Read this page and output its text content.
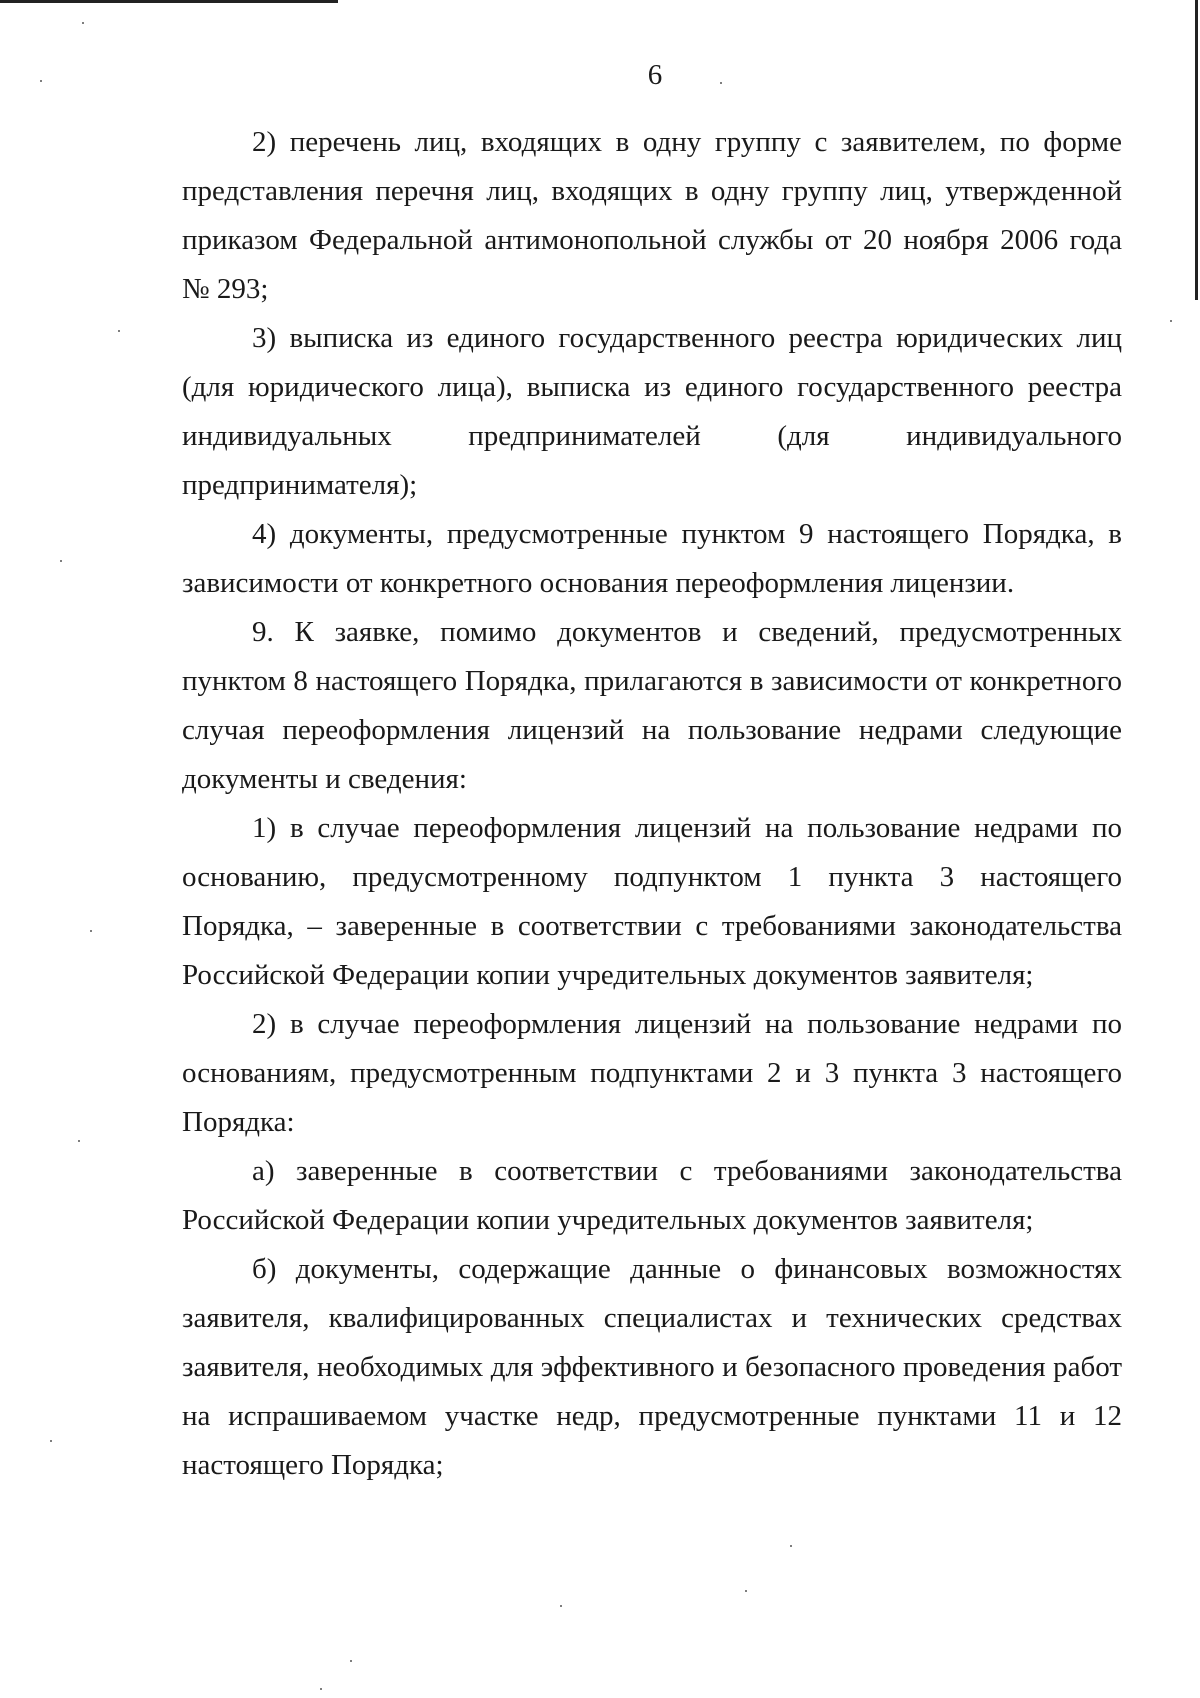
6

2) перечень лиц, входящих в одну группу с заявителем, по форме представления перечня лиц, входящих в одну группу лиц, утвержденной приказом Федеральной антимонопольной службы от 20 ноября 2006 года № 293;

3) выписка из единого государственного реестра юридических лиц (для юридического лица), выписка из единого государственного реестра индивидуальных предпринимателей (для индивидуального предпринимателя);

4) документы, предусмотренные пунктом 9 настоящего Порядка, в зависимости от конкретного основания переоформления лицензии.

9. К заявке, помимо документов и сведений, предусмотренных пунктом 8 настоящего Порядка, прилагаются в зависимости от конкретного случая переоформления лицензий на пользование недрами следующие документы и сведения:

1) в случае переоформления лицензий на пользование недрами по основанию, предусмотренному подпунктом 1 пункта 3 настоящего Порядка, – заверенные в соответствии с требованиями законодательства Российской Федерации копии учредительных документов заявителя;

2) в случае переоформления лицензий на пользование недрами по основаниям, предусмотренным подпунктами 2 и 3 пункта 3 настоящего Порядка:

а) заверенные в соответствии с требованиями законодательства Российской Федерации копии учредительных документов заявителя;

б) документы, содержащие данные о финансовых возможностях заявителя, квалифицированных специалистах и технических средствах заявителя, необходимых для эффективного и безопасного проведения работ на испрашиваемом участке недр, предусмотренные пунктами 11 и 12 настоящего Порядка;
